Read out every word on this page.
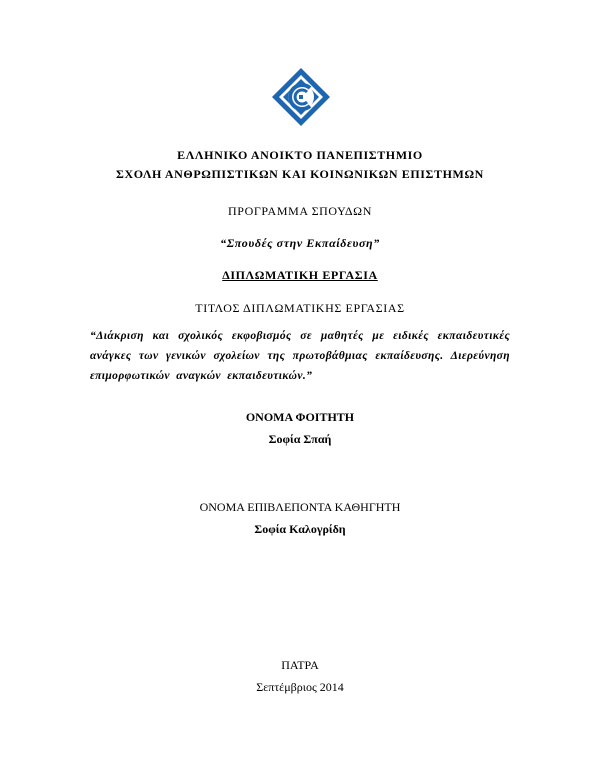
ΕΛΛΗΝΙΚΟ ΑΝΟΙΚΤΟ ΠΑΝΕΠΙΣΤΗΜΙΟ
ΣΧΟΛΗ ΑΝΘΡΩΠΙΣΤΙΚΩΝ ΚΑΙ ΚΟΙΝΩΝΙΚΩΝ ΕΠΙΣΤΗΜΩΝ
ΠΡΟΓΡΑΜΜΑ ΣΠΟΥΔΩΝ
“Σπουδές στην Εκπαίδευση”
ΔΙΠΛΩΜΑΤΙΚΗ ΕΡΓΑΣΙΑ
ΤΙΤΛΟΣ ΔΙΠΛΩΜΑΤΙΚΗΣ ΕΡΓΑΣΙΑΣ
“Διάκριση και σχολικός εκφοβισμός σε μαθητές με ειδικές εκπαιδευτικές ανάγκες των γενικών σχολείων της πρωτοβάθμιας εκπαίδευσης. Διερεύνηση επιμορφωτικών αναγκών εκπαιδευτικών.”
ΟΝΟΜΑ ΦΟΙΤΗΤΗ
Σοφία Σπαή
ΟΝΟΜΑ ΕΠΙΒΛΕΠΟΝΤΑ ΚΑΘΗΓΗΤΗ
Σοφία Καλογρίδη
ΠΑΤΡΑ
Σεπτέμβριος 2014
